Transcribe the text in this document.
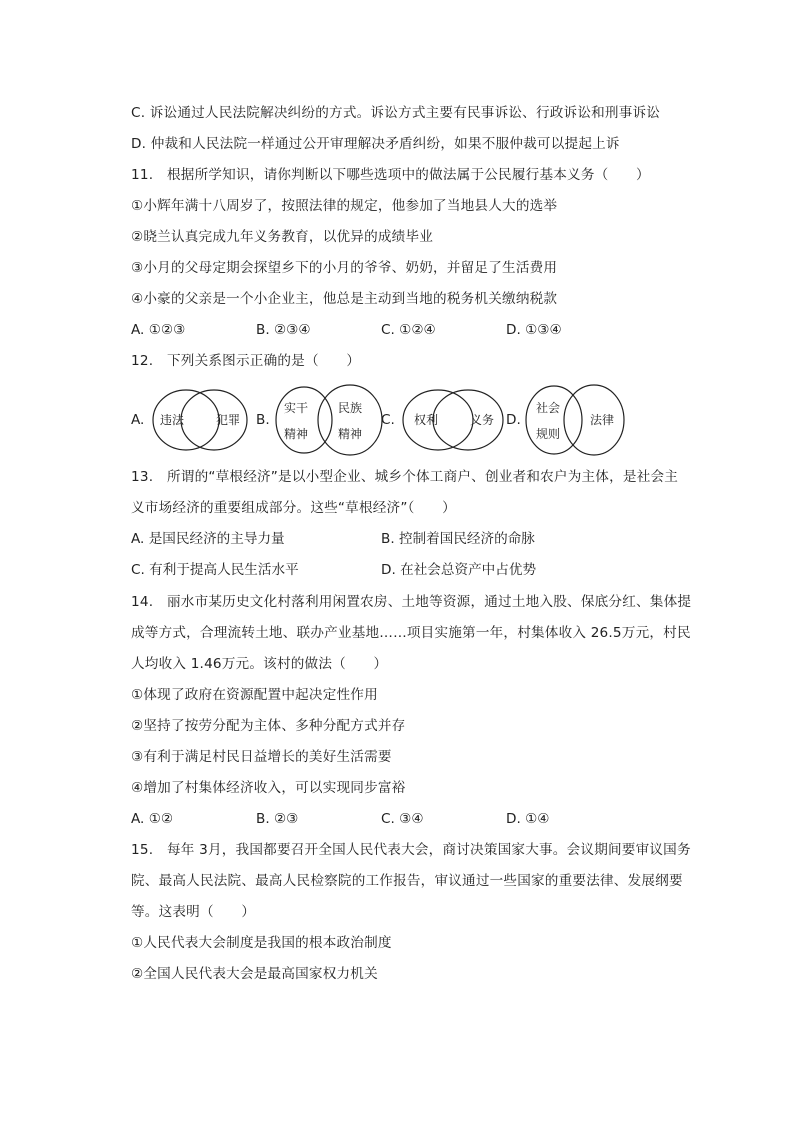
C. 诉讼通过人民法院解决纠纷的方式。诉讼方式主要有民事诉讼、行政诉讼和刑事诉讼
D. 仲裁和人民法院一样通过公开审理解决矛盾纠纷，如果不服仲裁可以提起上诉
11.　根据所学知识，请你判断以下哪些选项中的做法属于公民履行基本义务（　　）
①小辉年满十八周岁了，按照法律的规定，他参加了当地县人大的选举
②晓兰认真完成九年义务教育，以优异的成绩毕业
③小月的父母定期会探望乡下的小月的爷爷、奶奶，并留足了生活费用
④小豪的父亲是一个小企业主，他总是主动到当地的税务机关缴纳税款
A. ①②③	B. ②③④	C. ①②④	D. ①③④
12.　下列关系图示正确的是（　　）
A.	B.	C.	D.
违法	犯罪
实干
精神
民族
精神
权利	义务
社会
规则
法律
13.　所谓的“草根经济”是以小型企业、城乡个体工商户、创业者和农户为主体，是社会主
义市场经济的重要组成部分。这些“草根经济”（　　）
A. 是国民经济的主导力量	B. 控制着国民经济的命脉
C. 有利于提高人民生活水平	D. 在社会总资产中占优势
14.　丽水市某历史文化村落利用闲置农房、土地等资源，通过土地入股、保底分红、集体提
成等方式，合理流转土地、联办产业基地……项目实施第一年，村集体收入 26.5万元，村民
人均收入 1.46万元。该村的做法（　　）
①体现了政府在资源配置中起决定性作用
②坚持了按劳分配为主体、多种分配方式并存
③有利于满足村民日益增长的美好生活需要
④增加了村集体经济收入，可以实现同步富裕
A. ①②	B. ②③	C. ③④	D. ①④
15.　每年 3月，我国都要召开全国人民代表大会，商讨决策国家大事。会议期间要审议国务
院、最高人民法院、最高人民检察院的工作报告，审议通过一些国家的重要法律、发展纲要
等。这表明（　　）
①人民代表大会制度是我国的根本政治制度
②全国人民代表大会是最高国家权力机关
